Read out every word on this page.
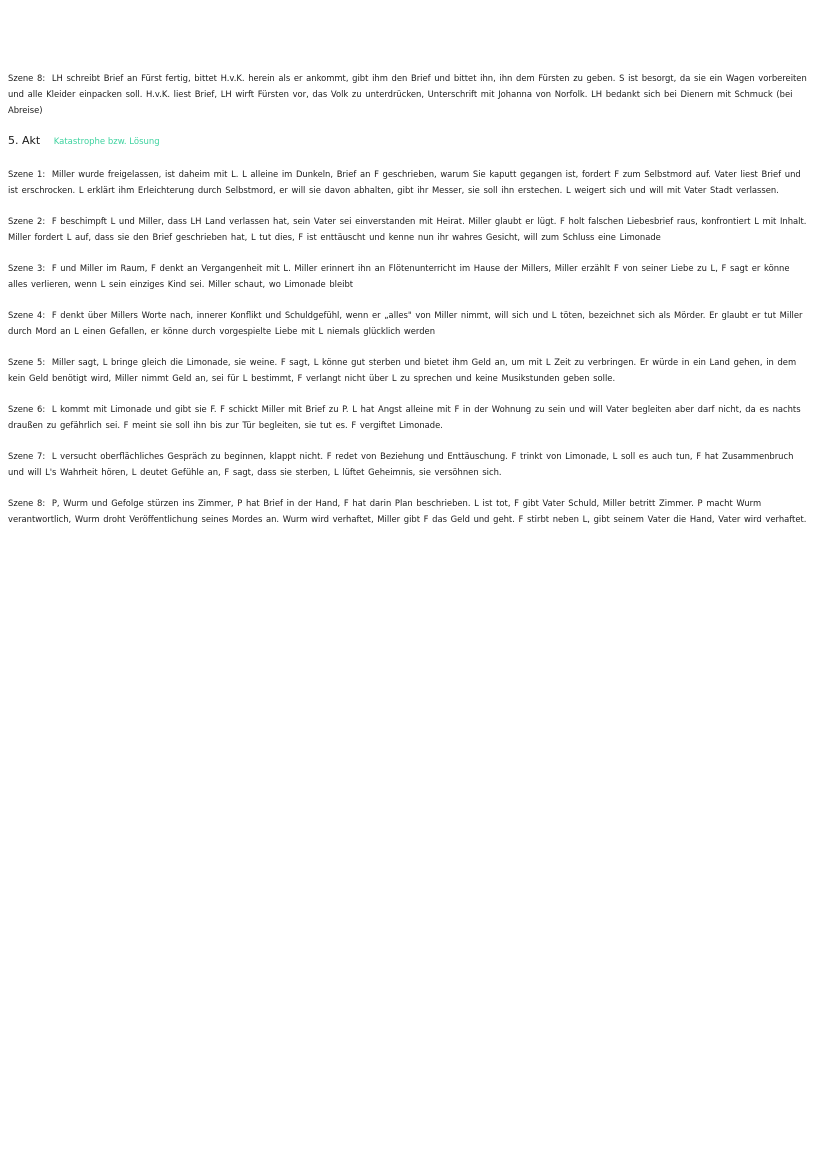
Szene 8: LH schreibt Brief an Fürst fertig, bittet H.v.K. herein als er ankommt, gibt ihm den Brief und bittet ihn, ihn dem Fürsten zu geben. S ist besorgt, da sie ein Wagen vorbereiten und alle Kleider einpacken soll. H.v.K. liest Brief, LH wirft Fürsten vor, das Volk zu unterdrücken, Unterschrift mit Johanna von Norfolk. LH bedankt sich bei Dienern mit Schmuck (bei Abreise)
5. Akt Katastrophe bzw. Lösung
Szene 1: Miller wurde freigelassen, ist daheim mit L. L alleine im Dunkeln, Brief an F geschrieben, warum Sie kaputt gegangen ist, fordert F zum Selbstmord auf. Vater liest Brief und ist erschrocken. L erklärt ihm Erleichterung durch Selbstmord, er will sie davon abhalten, gibt ihr Messer, sie soll ihn erstechen. L weigert sich und will mit Vater Stadt verlassen.
Szene 2: F beschimpft L und Miller, dass LH Land verlassen hat, sein Vater sei einverstanden mit Heirat. Miller glaubt er lügt. F holt falschen Liebesbrief raus, konfrontiert L mit Inhalt. Miller fordert L auf, dass sie den Brief geschrieben hat, L tut dies, F ist enttäuscht und kenne nun ihr wahres Gesicht, will zum Schluss eine Limonade
Szene 3: F und Miller im Raum, F denkt an Vergangenheit mit L. Miller erinnert ihn an Flötenunterricht im Hause der Millers, Miller erzählt F von seiner Liebe zu L, F sagt er könne alles verlieren, wenn L sein einziges Kind sei. Miller schaut, wo Limonade bleibt
Szene 4: F denkt über Millers Worte nach, innerer Konflikt und Schuldgefühl, wenn er „alles" von Miller nimmt, will sich und L töten, bezeichnet sich als Mörder. Er glaubt er tut Miller durch Mord an L einen Gefallen, er könne durch vorgespielte Liebe mit L niemals glücklich werden
Szene 5: Miller sagt, L bringe gleich die Limonade, sie weine. F sagt, L könne gut sterben und bietet ihm Geld an, um mit L Zeit zu verbringen. Er würde in ein Land gehen, in dem kein Geld benötigt wird, Miller nimmt Geld an, sei für L bestimmt, F verlangt nicht über L zu sprechen und keine Musikstunden geben solle.
Szene 6: L kommt mit Limonade und gibt sie F. F schickt Miller mit Brief zu P. L hat Angst alleine mit F in der Wohnung zu sein und will Vater begleiten aber darf nicht, da es nachts draußen zu gefährlich sei. F meint sie soll ihn bis zur Tür begleiten, sie tut es. F vergiftet Limonade.
Szene 7: L versucht oberflächliches Gespräch zu beginnen, klappt nicht. F redet von Beziehung und Enttäuschung. F trinkt von Limonade, L soll es auch tun, F hat Zusammenbruch und will L's Wahrheit hören, L deutet Gefühle an, F sagt, dass sie sterben, L lüftet Geheimnis, sie versöhnen sich.
Szene 8: P, Wurm und Gefolge stürzen ins Zimmer, P hat Brief in der Hand, F hat darin Plan beschrieben. L ist tot, F gibt Vater Schuld, Miller betritt Zimmer. P macht Wurm verantwortlich, Wurm droht Veröffentlichung seines Mordes an. Wurm wird verhaftet, Miller gibt F das Geld und geht. F stirbt neben L, gibt seinem Vater die Hand, Vater wird verhaftet.
